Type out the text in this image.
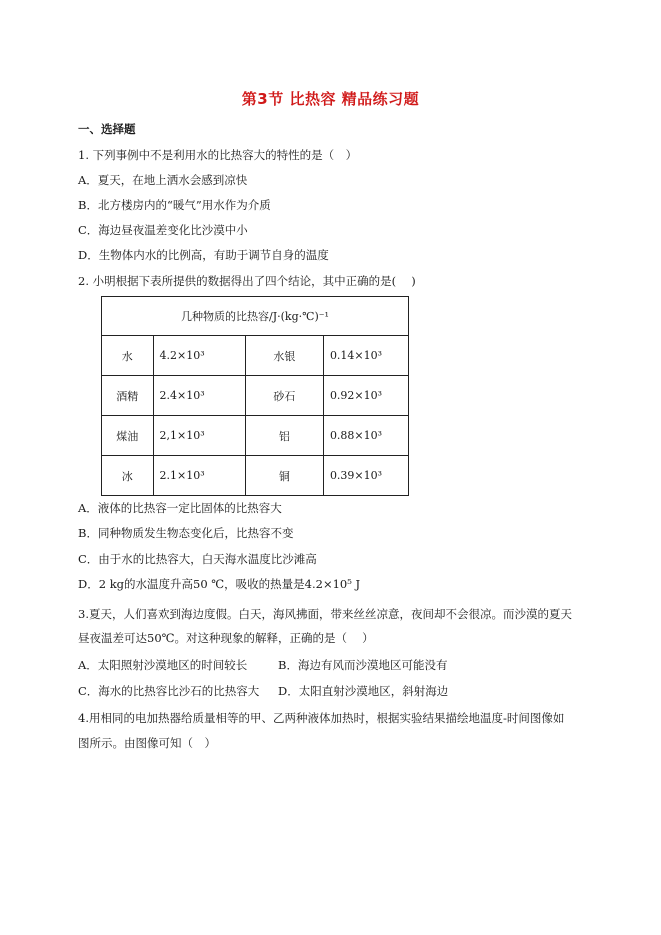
第3节 比热容 精品练习题
一、选择题
1. 下列事例中不是利用水的比热容大的特性的是（　）
A．夏天，在地上洒水会感到凉快
B．北方楼房内的“暖气”用水作为介质
C．海边昼夜温差变化比沙漠中小
D．生物体内水的比例高，有助于调节自身的温度
2. 小明根据下表所提供的数据得出了四个结论，其中正确的是(　 )
几种物质的比热容/J·(kg·℃)⁻¹			
水	4.2×10³	水银	0.14×10³
酒精	2.4×10³	砂石	0.92×10³
煤油	2,1×10³	铝	0.88×10³
冰	2.1×10³	铜	0.39×10³
A．液体的比热容一定比固体的比热容大
B．同种物质发生物态变化后，比热容不变
C．由于水的比热容大，白天海水温度比沙滩高
D．2 kg的水温度升高50 ℃，吸收的热量是4.2×10⁵ J
3.夏天，人们喜欢到海边度假。白天，海风拂面，带来丝丝凉意，夜间却不会很凉。而沙漠的夏天
昼夜温差可达50℃。对这种现象的解释，正确的是（　 ）
A．太阳照射沙漠地区的时间较长	B．海边有风而沙漠地区可能没有
C．海水的比热容比沙石的比热容大 D．太阳直射沙漠地区，斜射海边
4.用相同的电加热器给质量相等的甲、乙两种液体加热时，根据实验结果描绘地温度-时间图像如
图所示。由图像可知（　）
